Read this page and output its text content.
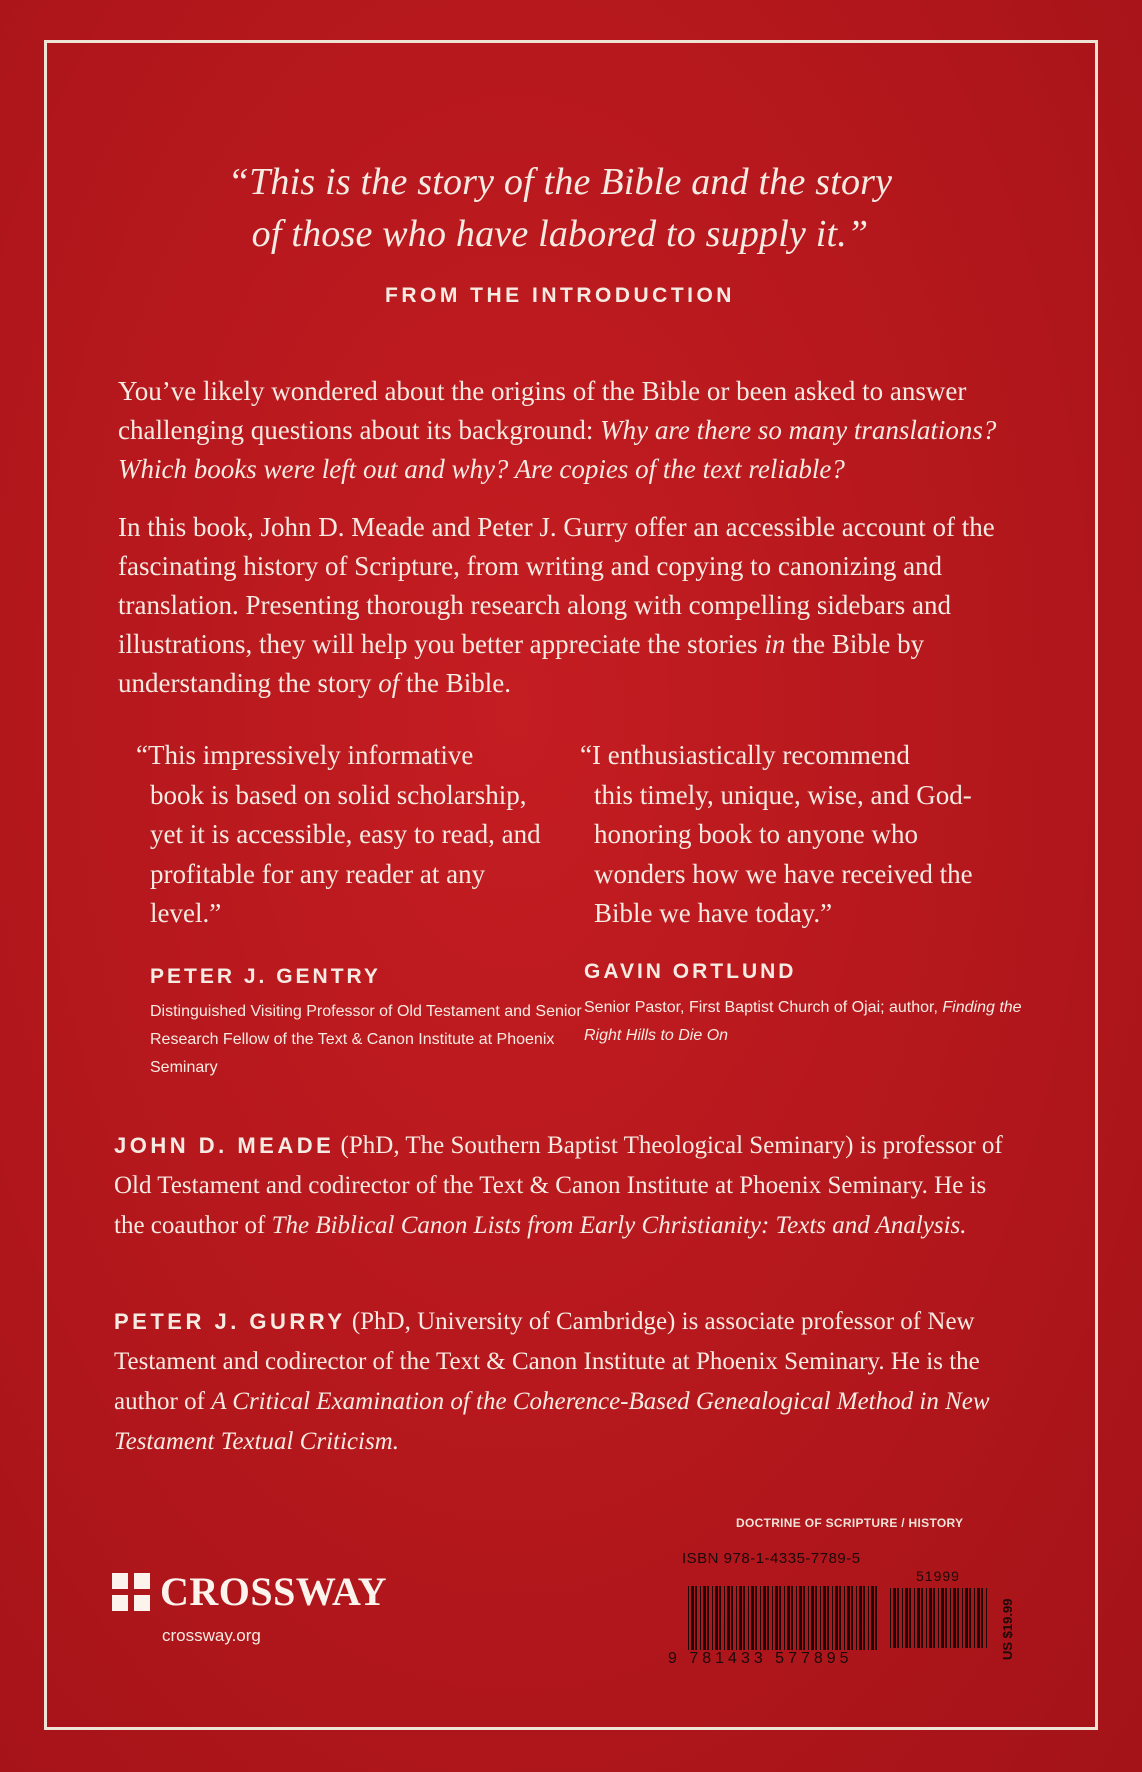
“This is the story of the Bible and the story
of those who have labored to supply it.”
FROM THE INTRODUCTION
You’ve likely wondered about the origins of the Bible or been asked to answer challenging questions about its background: Why are there so many translations? Which books were left out and why? Are copies of the text reliable?
In this book, John D. Meade and Peter J. Gurry offer an accessible account of the fascinating history of Scripture, from writing and copying to canonizing and translation. Presenting thorough research along with compelling sidebars and illustrations, they will help you better appreciate the stories in the Bible by understanding the story of the Bible.
“This impressively informative
book is based on solid scholarship, yet it is accessible, easy to read, and profitable for any reader at any level.”
“I enthusiastically recommend
this timely, unique, wise, and God-honoring book to anyone who wonders how we have received the Bible we have today.”
PETER J. GENTRY	GAVIN ORTLUND
Distinguished Visiting Professor of Old Testament and Senior Research Fellow of the Text & Canon Institute at Phoenix Seminary
Senior Pastor, First Baptist Church of Ojai; author, Finding the Right Hills to Die On
JOHN D. MEADE (PhD, The Southern Baptist Theological Seminary) is professor of Old Testament and codirector of the Text & Canon Institute at Phoenix Seminary. He is the coauthor of The Biblical Canon Lists from Early Christianity: Texts and Analysis.
PETER J. GURRY (PhD, University of Cambridge) is associate professor of New Testament and codirector of the Text & Canon Institute at Phoenix Seminary. He is the author of A Critical Examination of the Coherence-Based Genealogical Method in New Testament Textual Criticism.
CROSSWAY
crossway.org
DOCTRINE OF SCRIPTURE / HISTORY
ISBN 978-1-4335-7789-5
51999
US $19.99
9 781433 577895
